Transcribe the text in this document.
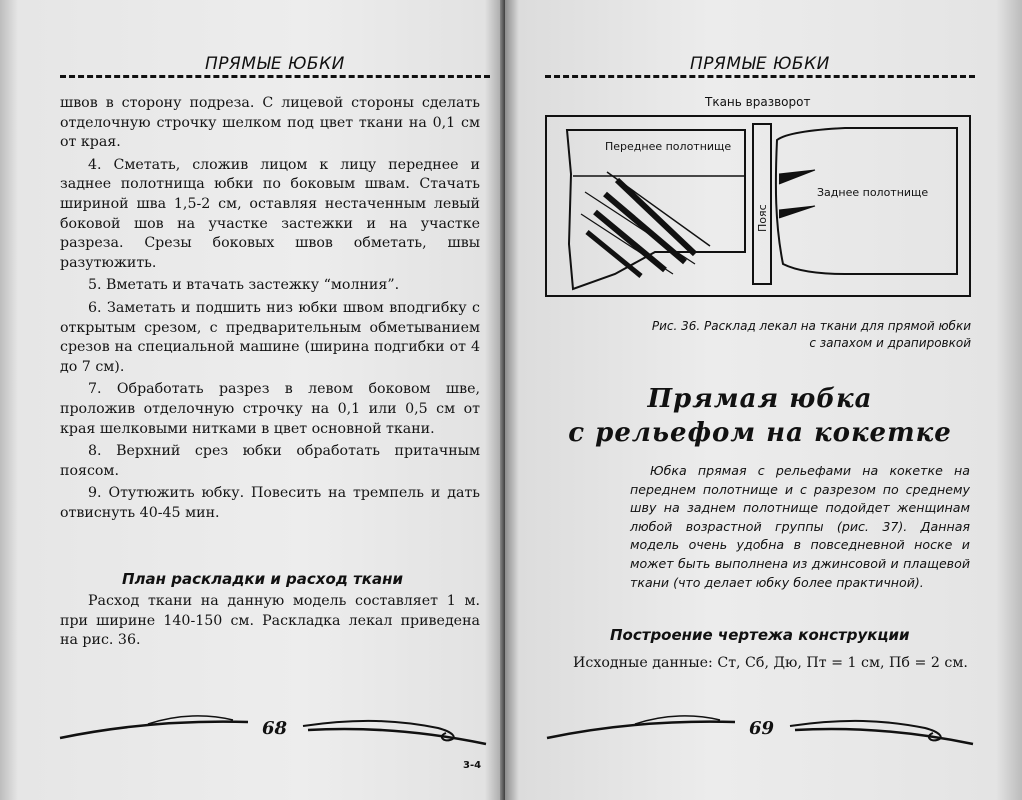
ПРЯМЫЕ ЮБКИ

швов в сторону подреза. С лицевой стороны сделать отделочную строчку шелком под цвет ткани на 0,1 см от края.

4. Сметать, сложив лицом к лицу переднее и заднее полотнища юбки по боковым швам. Стачать шириной шва 1,5-2 см, оставляя нестаченным левый боковой шов на участке застежки и на участке разреза. Срезы боковых швов обметать, швы разутюжить.

5. Вметать и втачать застежку “молния”.

6. Заметать и подшить низ юбки швом вподгибку с открытым срезом, с предварительным обметыванием срезов на специальной машине (ширина подгибки от 4 до 7 см).

7. Обработать разрез в левом боковом шве, проложив отделочную строчку на 0,1 или 0,5 см от края шелковыми нитками в цвет основной ткани.

8. Верхний срез юбки обработать притачным поясом.

9. Отутюжить юбку. Повесить на тремпель и дать отвиснуть 40-45 мин.

План раскладки и расход ткани

Расход ткани на данную модель составляет 1 м. при ширине 140-150 см. Раскладка лекал приведена на рис. 36.

68
3-4
ПРЯМЫЕ ЮБКИ
Ткань вразворот
Переднее полотнище
Заднее полотнище
Пояс
Рис. 36. Расклад лекал на ткани для прямой юбки
с запахом и драпировкой
Прямая юбка
с рельефом на кокетке

Юбка прямая с рельефами на кокетке на переднем полотнище и с разрезом по среднему шву на заднем полотнище подойдет женщинам любой возрастной группы (рис. 37). Данная модель очень удобна в повседневной носке и может быть выполнена из джинсовой и плащевой ткани (что делает юбку более практичной).

Построение чертежа конструкции

Исходные данные: Ст, Сб, Дю, Пт = 1 см, Пб = 2 см.

69
